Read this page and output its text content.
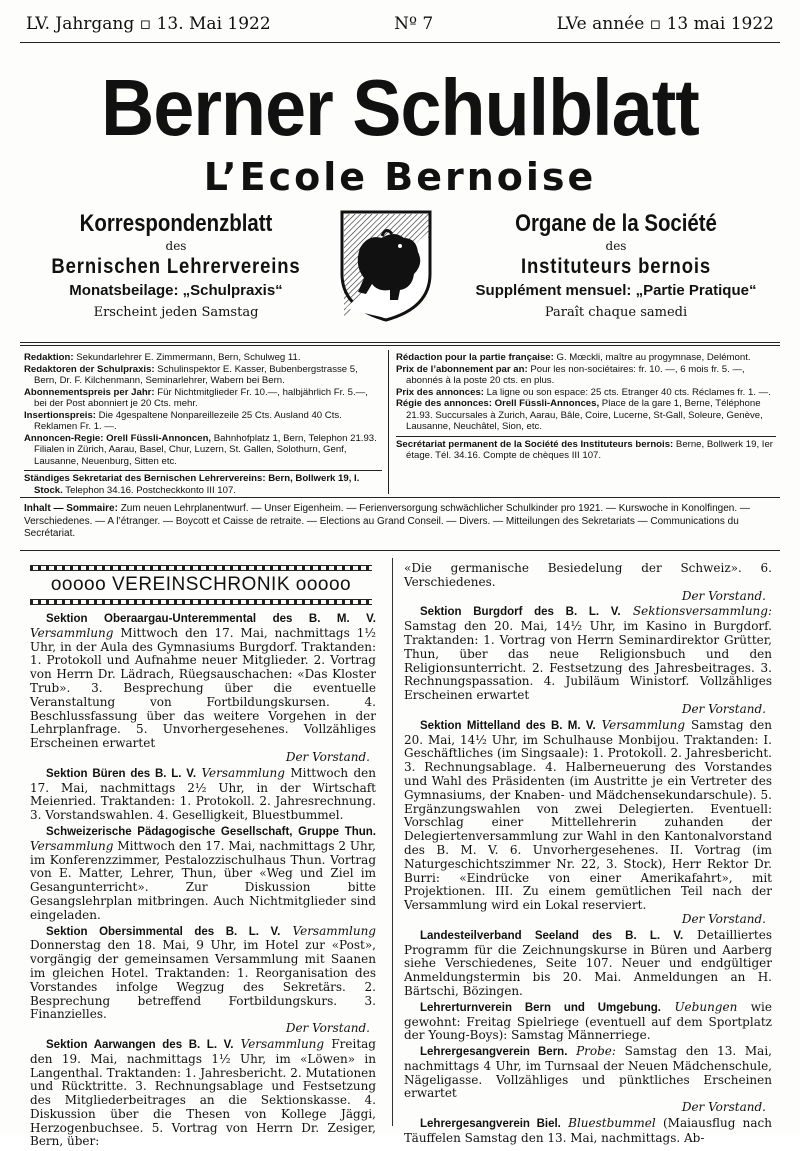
LV. Jahrgang ▫ 13. Mai 1922	Nº 7	LVe année ▫ 13 mai 1922
Berner Schulblatt
L’Ecole Bernoise
Korrespondenzblatt
des
Bernischen Lehrervereins
Monatsbeilage: „Schulpraxis“
Erscheint jeden Samstag
Organe de la Société
des
Instituteurs bernois
Supplément mensuel: „Partie Pratique“
Paraît chaque samedi

Redaktion: Sekundarlehrer E. Zimmermann, Bern, Schulweg 11.

Redaktoren der Schulpraxis: Schulinspektor E. Kasser, Bubenbergstrasse 5, Bern, Dr. F. Kilchenmann, Seminarlehrer, Wabern bei Bern.

Abonnementspreis per Jahr: Für Nichtmitglieder Fr. 10.—, halbjährlich Fr. 5.—, bei der Post abonniert je 20 Cts. mehr.

Insertionspreis: Die 4gespaltene Nonpareillezeile 25 Cts. Ausland 40 Cts. Reklamen Fr. 1. —.

Annoncen-Regie: Orell Füssli-Annoncen, Bahnhofplatz 1, Bern, Telephon 21.93. Filialen in Zürich, Aarau, Basel, Chur, Luzern, St. Gallen, Solothurn, Genf, Lausanne, Neuenburg, Sitten etc.

Ständiges Sekretariat des Bernischen Lehrervereins: Bern, Bollwerk 19, I. Stock. Telephon 34.16. Postcheckkonto III 107.

Rédaction pour la partie française: G. Mœckli, maître au progymnase, Delémont.

Prix de l’abonnement par an: Pour les non-sociétaires: fr. 10. —, 6 mois fr. 5. —, abonnés à la poste 20 cts. en plus.

Prix des annonces: La ligne ou son espace: 25 cts. Etranger 40 cts. Réclames fr. 1. —.

Régie des annonces: Orell Füssli-Annonces, Place de la gare 1, Berne, Téléphone 21.93. Succursales à Zurich, Aarau, Bâle, Coire, Lucerne, St-Gall, Soleure, Genève, Lausanne, Neuchâtel, Sion, etc.

Secrétariat permanent de la Société des Instituteurs bernois: Berne, Bollwerk 19, Ier étage. Tél. 34.16. Compte de chèques III 107.

Inhalt — Sommaire: Zum neuen Lehrplanentwurf. — Unser Eigenheim. — Ferienversorgung schwächlicher Schulkinder pro 1921. — Kurswoche in Konolfingen. — Verschiedenes. — A l’étranger. — Boycott et Caisse de retraite. — Elections au Grand Conseil. — Divers. — Mitteilungen des Sekretariats — Communications du Secrétariat.
ooooo VEREINSCHRONIK ooooo

Sektion Oberaargau-Unteremmental des B. M. V. Versammlung Mittwoch den 17. Mai, nachmittags 1½ Uhr, in der Aula des Gymnasiums Burgdorf. Traktanden: 1. Protokoll und Aufnahme neuer Mitglieder. 2. Vortrag von Herrn Dr. Lädrach, Rüegsauschachen: «Das Kloster Trub». 3. Besprechung über die eventuelle Veranstaltung von Fortbildungskursen. 4. Beschlussfassung über das weitere Vorgehen in der Lehrplanfrage. 5. Unvorhergesehenes. Vollzähliges Erscheinen erwartet
Der Vorstand.

Sektion Büren des B. L. V. Versammlung Mittwoch den 17. Mai, nachmittags 2½ Uhr, in der Wirtschaft Meienried. Traktanden: 1. Protokoll. 2. Jahresrechnung. 3. Vorstandswahlen. 4. Geselligkeit, Bluestbummel.

Schweizerische Pädagogische Gesellschaft, Gruppe Thun. Versammlung Mittwoch den 17. Mai, nachmittags 2 Uhr, im Konferenzzimmer, Pestalozzischulhaus Thun. Vortrag von E. Matter, Lehrer, Thun, über «Weg und Ziel im Gesangunterricht». Zur Diskussion bitte Gesangslehrplan mitbringen. Auch Nichtmitglieder sind eingeladen.

Sektion Obersimmental des B. L. V. Versammlung Donnerstag den 18. Mai, 9 Uhr, im Hotel zur «Post», vorgängig der gemeinsamen Versammlung mit Saanen im gleichen Hotel. Traktanden: 1. Reorganisation des Vorstandes infolge Wegzug des Sekretärs. 2. Besprechung betreffend Fortbildungskurs. 3. Finanzielles.
Der Vorstand.

Sektion Aarwangen des B. L. V. Versammlung Freitag den 19. Mai, nachmittags 1½ Uhr, im «Löwen» in Langenthal. Traktanden: 1. Jahresbericht. 2. Mutationen und Rücktritte. 3. Rechnungsablage und Festsetzung des Mitgliederbeitrages an die Sektionskasse. 4. Diskussion über die Thesen von Kollege Jäggi, Herzogenbuchsee. 5. Vortrag von Herrn Dr. Zesiger, Bern, über:

«Die germanische Besiedelung der Schweiz». 6. Verschiedenes.
Der Vorstand.

Sektion Burgdorf des B. L. V. Sektionsversammlung: Samstag den 20. Mai, 14½ Uhr, im Kasino in Burgdorf. Traktanden: 1. Vortrag von Herrn Seminardirektor Grütter, Thun, über das neue Religionsbuch und den Religionsunterricht. 2. Festsetzung des Jahresbeitrages. 3. Rechnungspassation. 4. Jubiläum Winistorf. Vollzähliges Erscheinen erwartet
Der Vorstand.

Sektion Mittelland des B. M. V. Versammlung Samstag den 20. Mai, 14½ Uhr, im Schulhause Monbijou. Traktanden: I. Geschäftliches (im Singsaale): 1. Protokoll. 2. Jahresbericht. 3. Rechnungsablage. 4. Halberneuerung des Vorstandes und Wahl des Präsidenten (im Austritte je ein Vertreter des Gymnasiums, der Knaben- und Mädchensekundarschule). 5. Ergänzungswahlen von zwei Delegierten. Eventuell: Vorschlag einer Mittellehrerin zuhanden der Delegiertenversammlung zur Wahl in den Kantonalvorstand des B. M. V. 6. Unvorhergesehenes. II. Vortrag (im Naturgeschichtszimmer Nr. 22, 3. Stock), Herr Rektor Dr. Burri: «Eindrücke von einer Amerikafahrt», mit Projektionen. III. Zu einem gemütlichen Teil nach der Versammlung wird ein Lokal reserviert.
Der Vorstand.

Landesteilverband Seeland des B. L. V. Detailliertes Programm für die Zeichnungskurse in Büren und Aarberg siehe Verschiedenes, Seite 107. Neuer und endgültiger Anmeldungstermin bis 20. Mai. Anmeldungen an H. Bärtschi, Bözingen.

Lehrerturnverein Bern und Umgebung. Uebungen wie gewohnt: Freitag Spielriege (eventuell auf dem Sportplatz der Young-Boys): Samstag Männerriege.

Lehrergesangverein Bern. Probe: Samstag den 13. Mai, nachmittags 4 Uhr, im Turnsaal der Neuen Mädchenschule, Nägeligasse. Vollzähliges und pünktliches Erscheinen erwartet
Der Vorstand.

Lehrergesangverein Biel. Bluestbummel (Maiausflug nach Täuffelen Samstag den 13. Mai, nachmittags. Ab-
